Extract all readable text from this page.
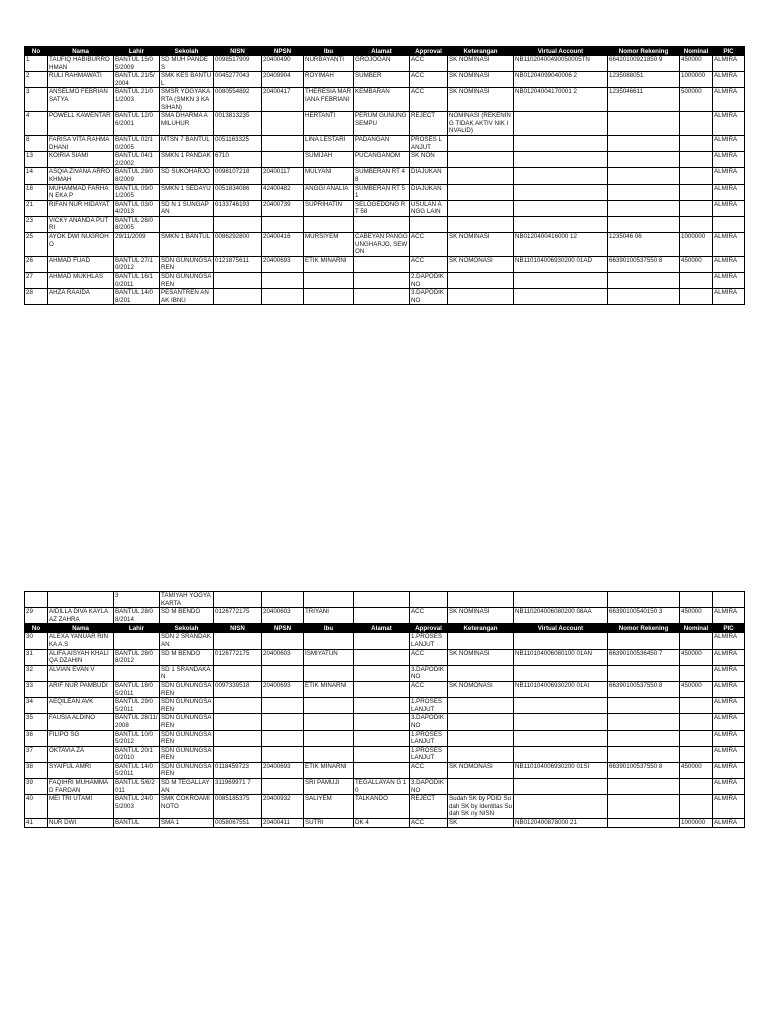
No	Nama	Lahir	Sekolah	NISN	NPSN	Ibu	Alamat	Approval	Keterangan	Virtual Account	Nomor Rekening	Nominal	PIC
1	TAUFIQ HABIBURROHMAN	BANTUL 15/05/2009	SD MUH PANDES	0098517909	20400490	NURBAYANTI	GROJOGAN	ACC	SK NOMINASI	NB11020400490050005TN	66420100921850 9	450000	ALMIRA
2	RULI RAHMAWATI	BANTUL 21/5/2004	SMK KES BANTUL	0045277043	20409904	ROYIMAH	SUMBER	ACC	SK NOMINASI	NB01204099040006 2	1235088051	1000000	ALMIRA
3	ANSELMO FEBRIAN SATYA	BANTUL 21/01/2003	SMSR YOGYAKARTA (SMKN 3 KASIHAN)	0080554892	20400417	THERESIA MARIANA FEBRIANI	KEMBARAN	ACC	SK NOMINASI	NB01204004170001 2	1235046611	500000	ALMIRA
4	POWELL KAWENTAR	BANTUL 12/06/2001	SMA DHARMA AMILUHUR	0013813235		HERTANTI	PERUM GUNUNGSEMPU	REJECT	NOMINASI (REKENING TIDAK AKTIV NIK INVALID)				ALMIRA
8	FARISA VITA RAHMADHANI	BANTUL 02/10/2005	MTSN 7 BANTUL	0051163325		LINA LESTARI	PADANGAN	PROSES LANJUT					ALMIRA
13	KOIRIA SIAMI	BANTUL 04/12/2002	SMKN 1 PANDAK	6710		SUMIJAH	PUCANGANOM	SK NON					ALMIRA
14	ASQIA ZIVANA ARROKHMAH	BANTUL 29/08/2009	SD SUKOHARJO	0098107218	20400117	MULYANI	SUMBERAN RT 48	DIAJUKAN					ALMIRA
18	MUHAMMAD FARHAN EKA P	BANTUL 09/01/2005	SMKN 1 SEDAYU	0051834086	42400482	ANGGI ANALIA	SUMBERAN RT 51	DIAJUKAN					ALMIRA
21	RIFAN NUR HIDAYAT	BANTUL 03/04/2013	SD N 1 SUNGAPAN	0133746193	20400739	SUPRIHATIN	SELOGEDONG RT 58	USULAN ANGG LAIN					ALMIRA
23	VICKY ANANDA PUTRI	BANTUL 28/08/2005											
25	AYOK DWI NUGROHO	29/11/2009	SMKN 1 BANTUL	0086292800	20400416	MURSIYEM	CABEYAN PANGGUNGHARJO, SEWON	ACC	SK NOMINASI	NB0120400416000 12	1235046 06	1000000	ALMIRA
26	AHMAD FUAD	BANTUL 27/10/2012	SDN GUNUNGSAREN	0121875611	20400693	ETIK MINARNI		ACC	SK NOMONASI	NB110104006930200 01AD	66390100537550 8	450000	ALMIRA
27	AHMAD MUKHLAS	BANTUL 16/10/2011	SDN GUNUNGSAREN					2.DAPODIK NO					ALMIRA
28	AHZA RAAIDA	BANTUL 14/08/201	PESANTREN ANAK IBNU					3.DAPODIK NO					ALMIRA
		3	TAMIYAH YOGYAKARTA										
29	AIDILLA DIVA KAYLA AZ ZAHRA	BANTUL 28/08/2014	SD M BENDO	0126772175	20400603	TRIYANI		ACC	SK NOMINASI	NB110204006080200 08AA	66390100540150 3	450000	ALMIRA
No	Nama	Lahir	Sekolah	NISN	NPSN	Ibu	Alamat	Approval	Keterangan	Virtual Account	Nomor Rekening	Nominal	PIC
30	ALEXA YANUAR RINKA A.S		SDN 2 SRANDAKAN					1.PROSES LANJUT					ALMIRA
31	ALIFA AISYAH KHALIQA DZAHIN	BANTUL 28/08/2012	SD M BENDO	0126772175	20400603	ISMIYATUN		ACC	SK NOMINASI	NB110104006080100 01AN	66390100536450 7	450000	ALMIRA
32	ALVIAN EVAN V		SD 1 SRANDAKAN					3.DAPODIK NO					ALMIRA
33	ARIF NUR PAMBUDI	BANTUL 18/05/2011	SDN GUNUNGSAREN	0097339518	20400693	ETIK MINARNI		ACC	SK NOMONASI	NB110104006930200 01AI	66390100537550 8	450000	ALMIRA
34	AEQILEAN AVK	BANTUL 29/05/2011	SDN GUNUNGSAREN					1.PROSES LANJUT					ALMIRA
35	FAUSIA ALDINO	BANTUL 28/11/2008	SDN GUNUNGSAREN					3.DAPODIK NO					ALMIRA
36	FILIPO SG	BANTUL 10/05/2012	SDN GUNUNGSAREN					1.PROSES LANJUT					ALMIRA
37	OKTAVIA ZA	BANTUL 20/10/2010	SDN GUNUNGSAREN					1.PROSES LANJUT					ALMIRA
38	SYAIFUL AMRI	BANTUL 14/05/2011	SDN GUNUNGSAREN	0118459723	20400693	ETIK MINARNI		ACC	SK NOMONASI	NB110104006930200 01SI	66390100537550 8	450000	ALMIRA
39	FAQIHRI MUHAMMAD FARDAN	BANTUL 5/6/2011	SD M TEGALLAYAN	311969971 7		SRI PAMUJI	TEGALLAYAN G 10	3.DAPODIK NO					ALMIRA
40	MEI TRI UTAMI	BANTUL 24/05/2003	SMK COKROAMINOTO	0085185375	20400932	SALIYEM	TALKANDO	REJECT	Sudah SK by PDID Sudah SK by Identitas Sudah SK ny NISN				ALMIRA
41	NUR DWI	BANTUL	SMA 1	0058067551	20400411	SUTRI	DK 4	ACC	SK	NB0120400878000 21		1000000	ALMIRA
